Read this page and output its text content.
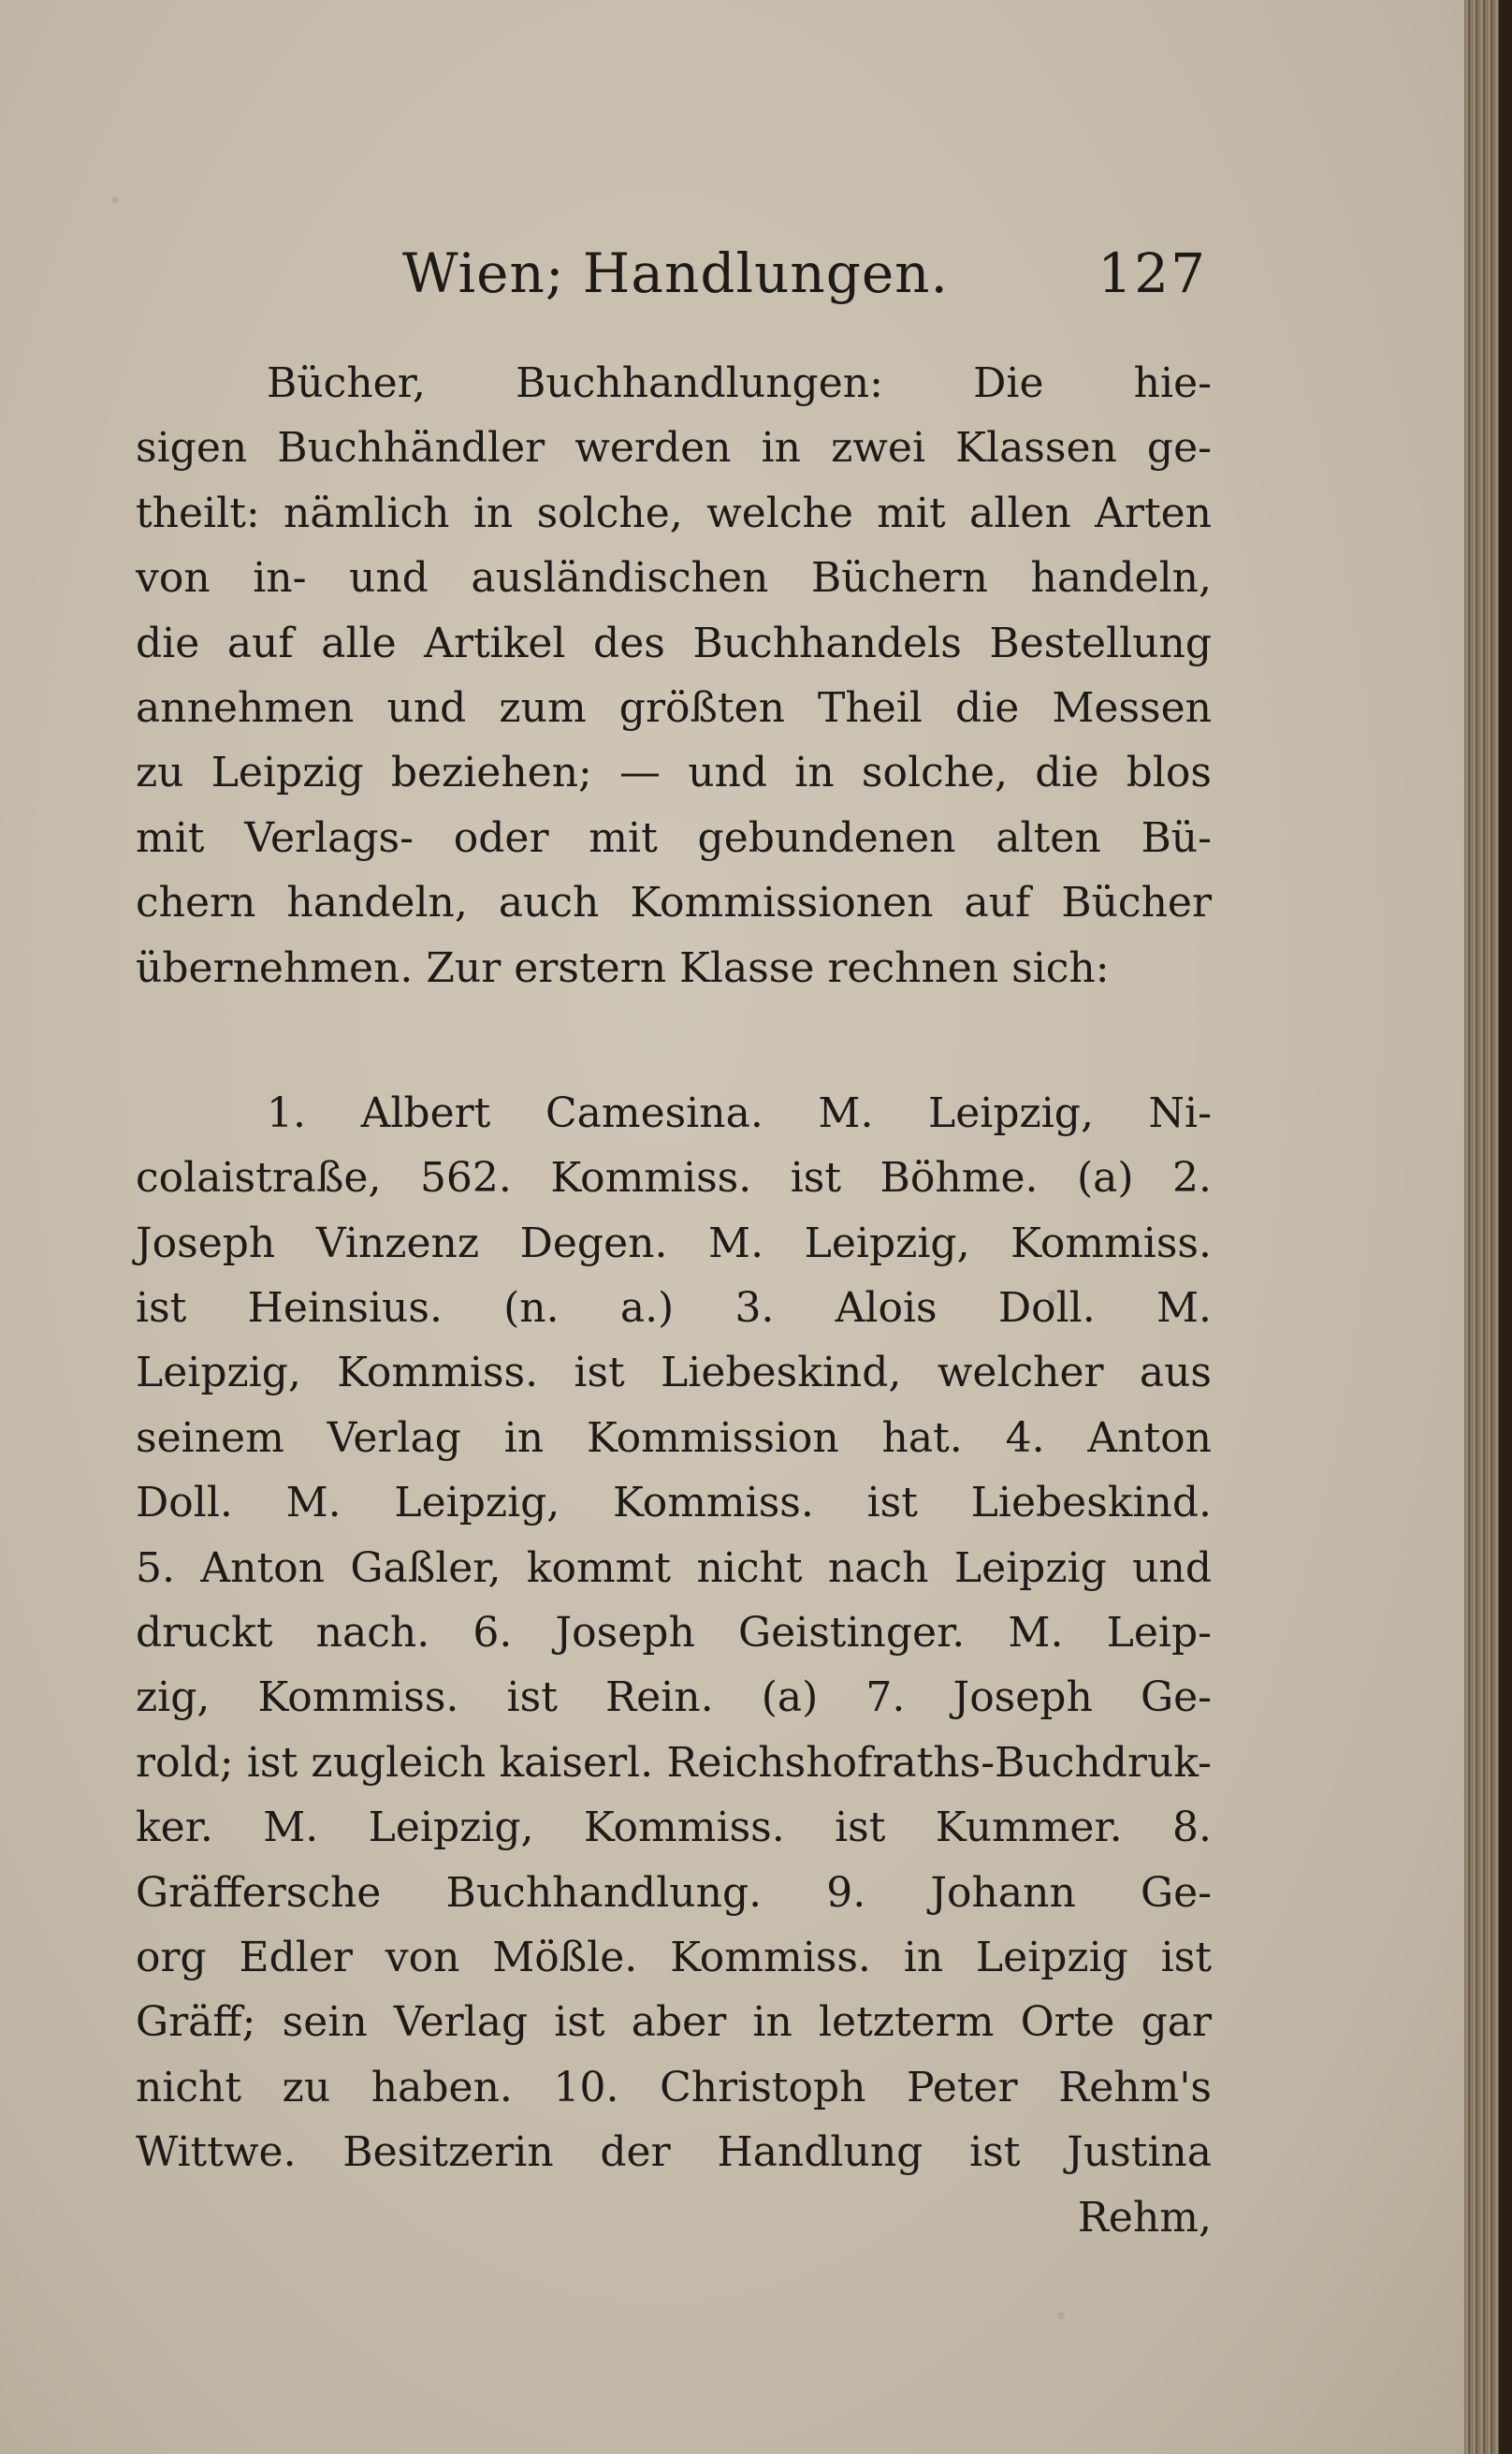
Wien; Handlungen.	127
Bücher, Buchhandlungen: Die hie-
sigen Buchhändler werden in zwei Klassen ge-
theilt: nämlich in solche, welche mit allen Arten
von in- und ausländischen Büchern handeln,
die auf alle Artikel des Buchhandels Bestellung
annehmen und zum größten Theil die Messen
zu Leipzig beziehen; — und in solche, die blos
mit Verlags- oder mit gebundenen alten Bü-
chern handeln, auch Kommissionen auf Bücher
übernehmen. Zur erstern Klasse rechnen sich:
1. Albert Camesina. M. Leipzig, Ni-
colaistraße, 562. Kommiss. ist Böhme. (a) 2.
Joseph Vinzenz Degen. M. Leipzig, Kommiss.
ist Heinsius. (n. a.) 3. Alois Doll. M.
Leipzig, Kommiss. ist Liebeskind, welcher aus
seinem Verlag in Kommission hat. 4. Anton
Doll. M. Leipzig, Kommiss. ist Liebeskind.
5. Anton Gaßler, kommt nicht nach Leipzig und
druckt nach. 6. Joseph Geistinger. M. Leip-
zig, Kommiss. ist Rein. (a) 7. Joseph Ge-
rold; ist zugleich kaiserl. Reichshofraths-Buchdruk-
ker. M. Leipzig, Kommiss. ist Kummer. 8.
Gräffersche Buchhandlung. 9. Johann Ge-
org Edler von Mößle. Kommiss. in Leipzig ist
Gräff; sein Verlag ist aber in letzterm Orte gar
nicht zu haben. 10. Christoph Peter Rehm's
Wittwe. Besitzerin der Handlung ist Justina
Rehm,
